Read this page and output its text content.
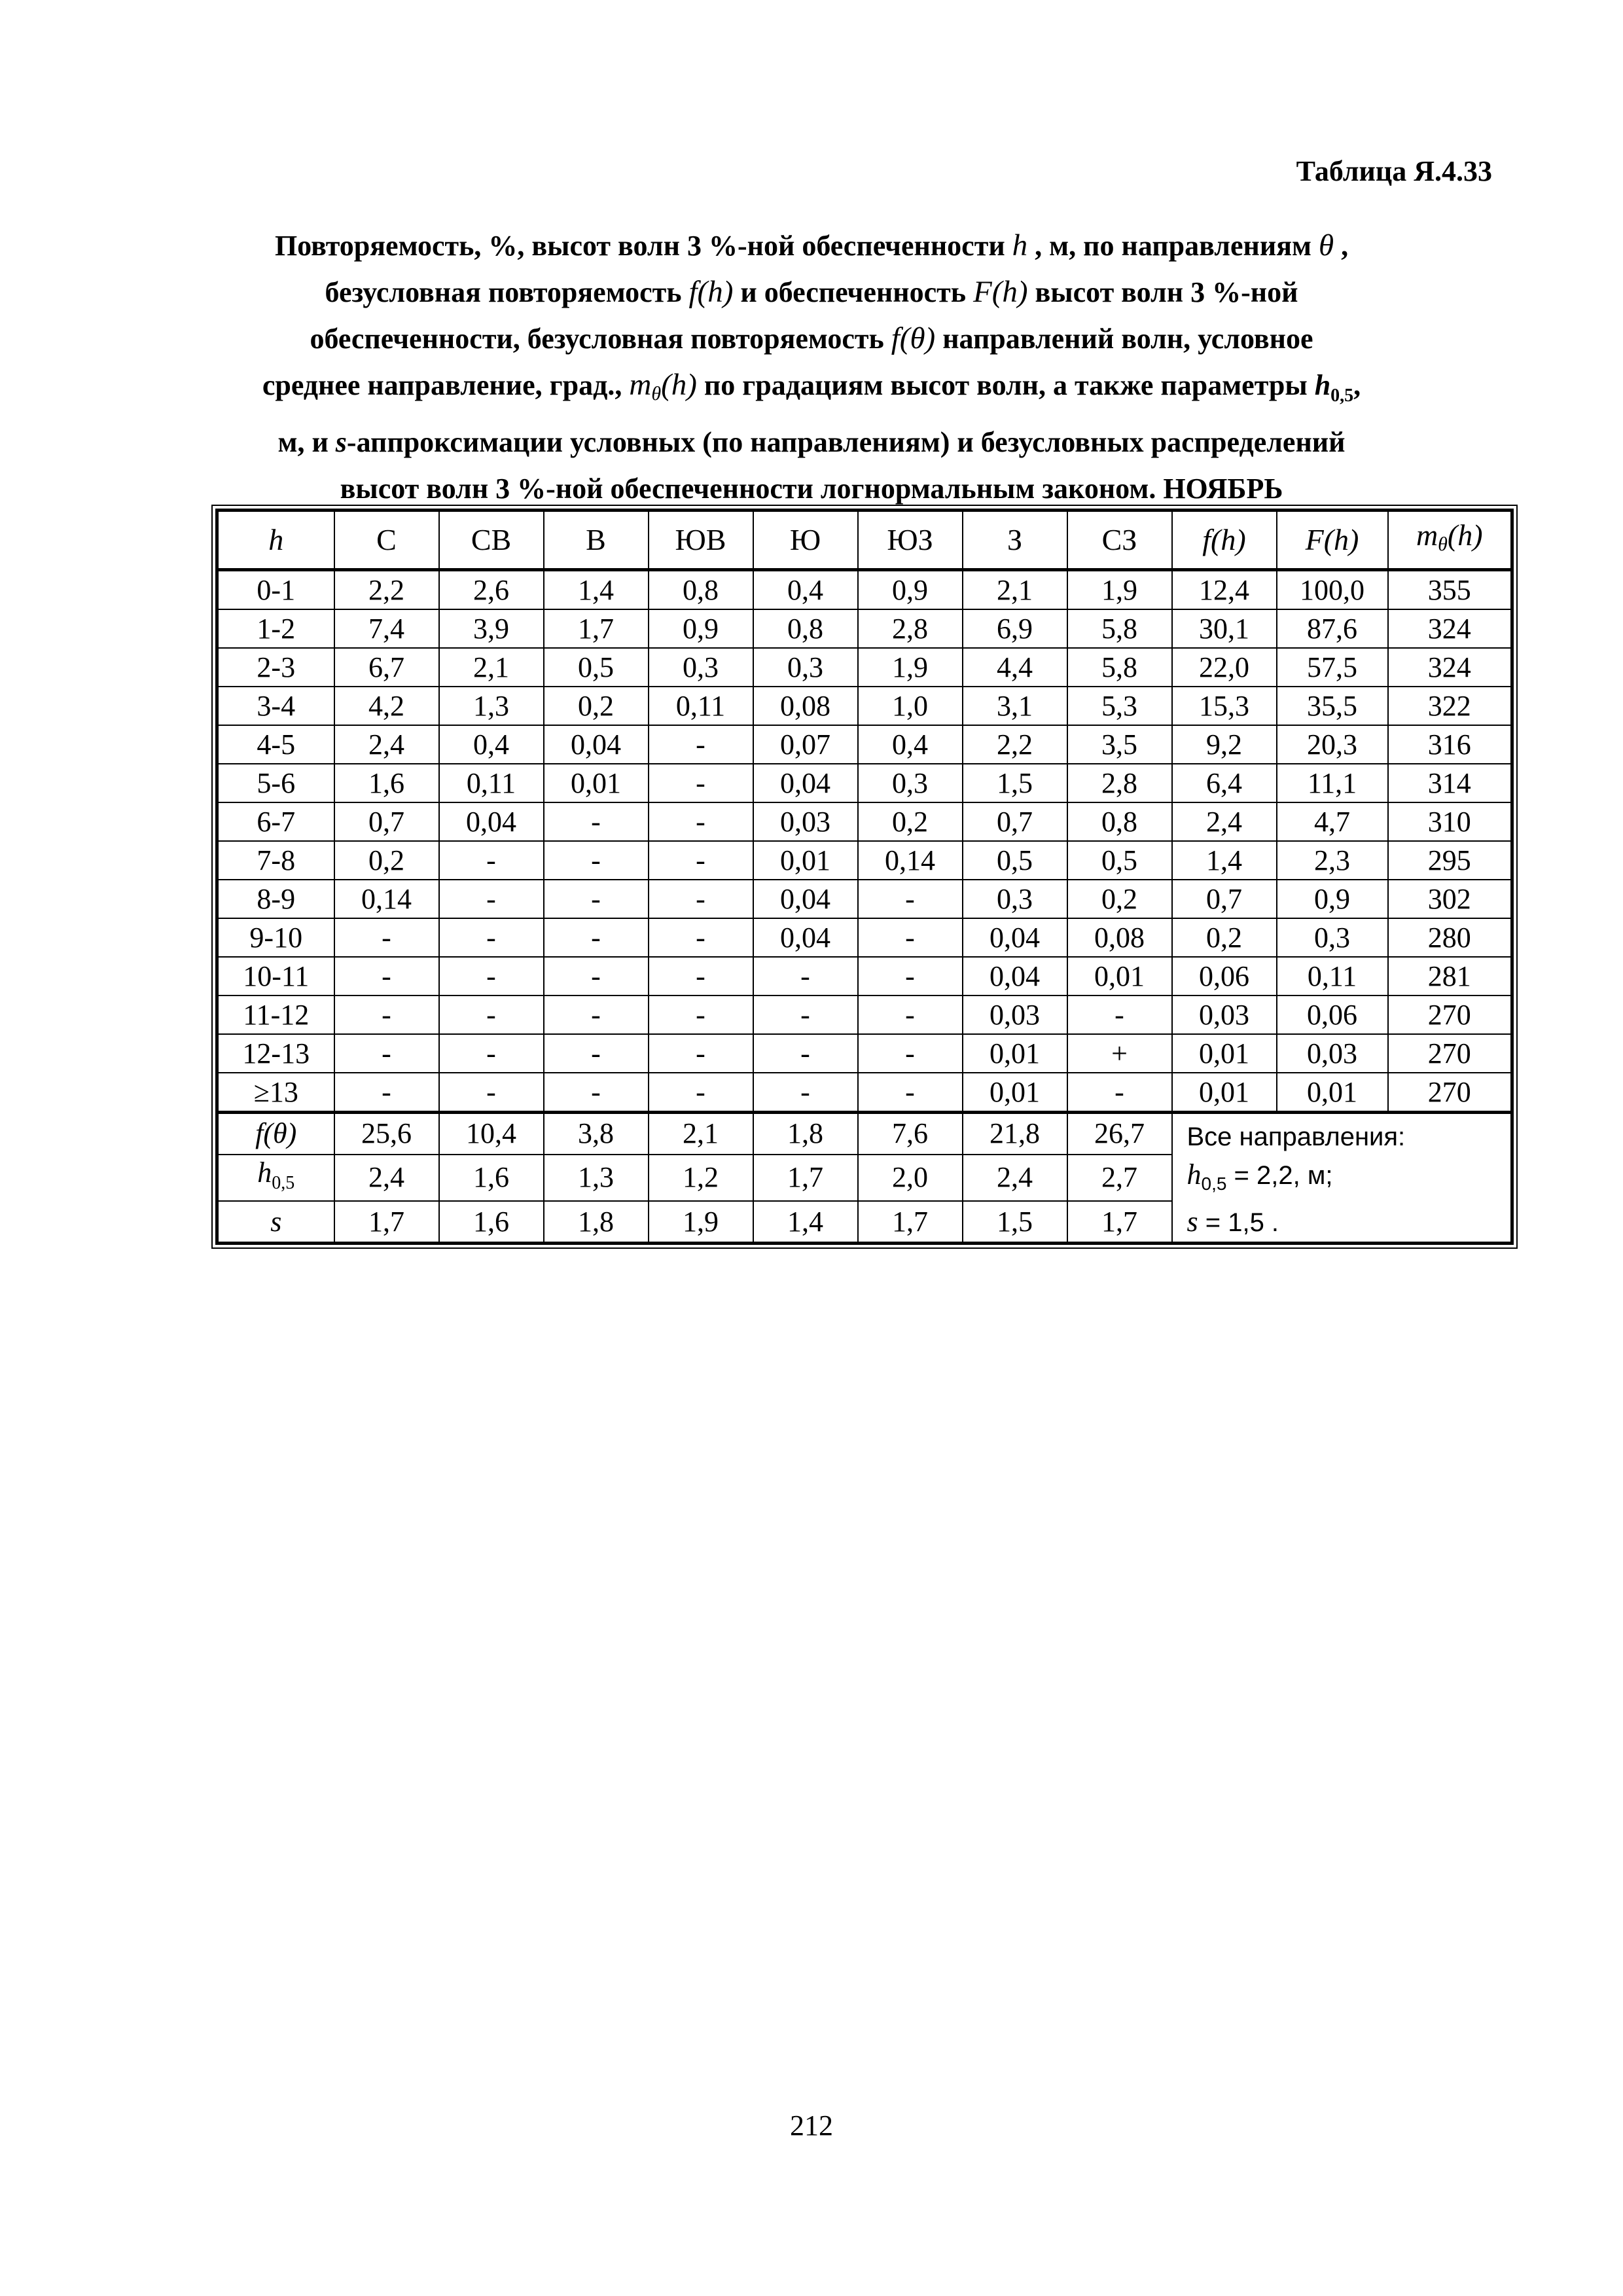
Таблица Я.4.33
Повторяемость, %, высот волн 3 %-ной обеспеченности h , м, по направлениям θ ,
безусловная повторяемость f(h) и обеспеченность F(h) высот волн 3 %-ной
обеспеченности, безусловная повторяемость f(θ) направлений волн, условное
среднее направление, град., $m_\theta(h)$ по градациям высот волн, а также параметры $h_{0,5}$,
м, и s-аппроксимации условных (по направлениям) и безусловных распределений
высот волн 3 %-ной обеспеченности логнормальным законом. НОЯБРЬ
h	С	СВ	В	ЮВ	Ю	ЮЗ	З	СЗ	f(h)	F(h)	mθ(h)
0-1	2,2	2,6	1,4	0,8	0,4	0,9	2,1	1,9	12,4	100,0	355
1-2	7,4	3,9	1,7	0,9	0,8	2,8	6,9	5,8	30,1	87,6	324
2-3	6,7	2,1	0,5	0,3	0,3	1,9	4,4	5,8	22,0	57,5	324
3-4	4,2	1,3	0,2	0,11	0,08	1,0	3,1	5,3	15,3	35,5	322
4-5	2,4	0,4	0,04	-	0,07	0,4	2,2	3,5	9,2	20,3	316
5-6	1,6	0,11	0,01	-	0,04	0,3	1,5	2,8	6,4	11,1	314
6-7	0,7	0,04	-	-	0,03	0,2	0,7	0,8	2,4	4,7	310
7-8	0,2	-	-	-	0,01	0,14	0,5	0,5	1,4	2,3	295
8-9	0,14	-	-	-	0,04	-	0,3	0,2	0,7	0,9	302
9-10	-	-	-	-	0,04	-	0,04	0,08	0,2	0,3	280
10-11	-	-	-	-	-	-	0,04	0,01	0,06	0,11	281
11-12	-	-	-	-	-	-	0,03	-	0,03	0,06	270
12-13	-	-	-	-	-	-	0,01	+	0,01	0,03	270
≥13	-	-	-	-	-	-	0,01	-	0,01	0,01	270
f(θ)	25,6	10,4	3,8	2,1	1,8	7,6	21,8	26,7	Все направления:
$h_{0,5} = 2,2$, м;
s = 1,5 .		

$h_{0,5}$	2,4	1,6	1,3	1,2	1,7	2,0	2,4	2,7			
s	1,7	1,6	1,8	1,9	1,4	1,7	1,5	1,7			
212
